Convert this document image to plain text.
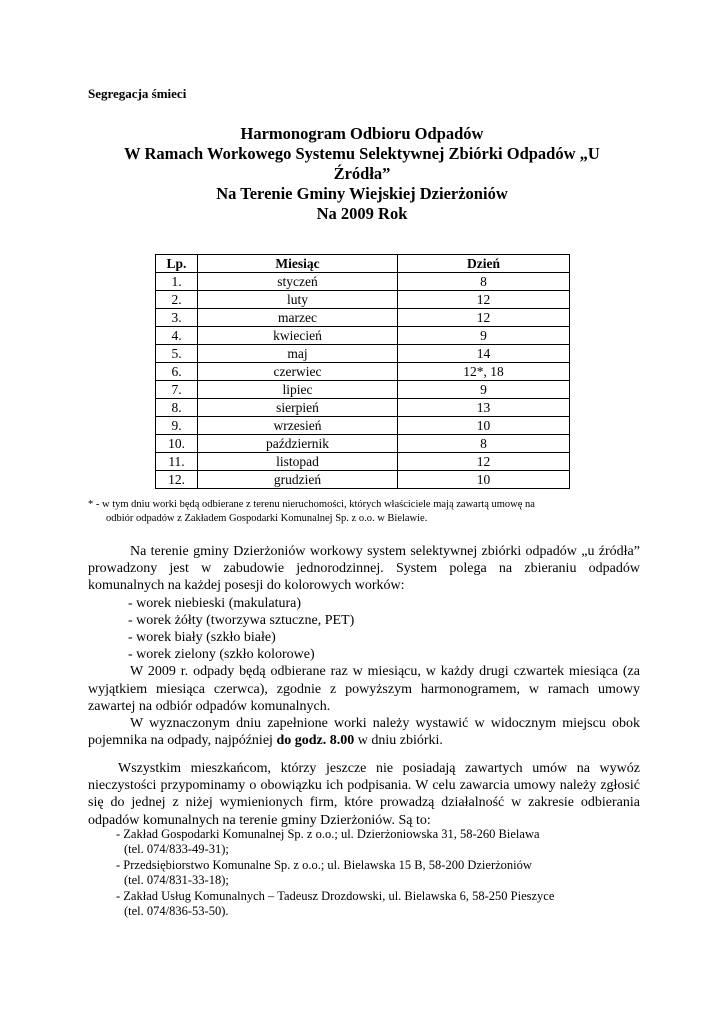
Segregacja śmieci
Harmonogram Odbioru Odpadów
W Ramach Workowego Systemu Selektywnej Zbiórki Odpadów „U
Źródła”
Na Terenie Gminy Wiejskiej Dzierżoniów
Na 2009 Rok
Lp.	Miesiąc	Dzień
1.	styczeń	8
2.	luty	12
3.	marzec	12
4.	kwiecień	9
5.	maj	14
6.	czerwiec	12*, 18
7.	lipiec	9
8.	sierpień	13
9.	wrzesień	10
10.	październik	8
11.	listopad	12
12.	grudzień	10
* - w tym dniu worki będą odbierane z terenu nieruchomości, których właściciele mają zawartą umowę na
odbiór odpadów z Zakładem Gospodarki Komunalnej Sp. z o.o. w Bielawie.
Na terenie gminy Dzierżoniów workowy system selektywnej zbiórki odpadów „u źródła” prowadzony jest w zabudowie jednorodzinnej. System polega na zbieraniu odpadów komunalnych na każdej posesji do kolorowych worków:
- worek niebieski (makulatura)
- worek żółty (tworzywa sztuczne, PET)
- worek biały (szkło białe)
- worek zielony (szkło kolorowe)
W 2009 r. odpady będą odbierane raz w miesiącu, w każdy drugi czwartek miesiąca (za wyjątkiem miesiąca czerwca), zgodnie z powyższym harmonogramem, w ramach umowy zawartej na odbiór odpadów komunalnych.
W wyznaczonym dniu zapełnione worki należy wystawić w widocznym miejscu obok pojemnika na odpady, najpóźniej do godz. 8.00 w dniu zbiórki.
Wszystkim mieszkańcom, którzy jeszcze nie posiadają zawartych umów na wywóz nieczystości przypominamy o obowiązku ich podpisania. W celu zawarcia umowy należy zgłosić się do jednej z niżej wymienionych firm, które prowadzą działalność w zakresie odbierania odpadów komunalnych na terenie gminy Dzierżoniów. Są to:
- Zakład Gospodarki Komunalnej Sp. z o.o.; ul. Dzierżoniowska 31, 58-260 Bielawa
(tel. 074/833-49-31);
- Przedsiębiorstwo Komunalne Sp. z o.o.; ul. Bielawska 15 B, 58-200 Dzierżoniów
(tel. 074/831-33-18);
- Zakład Usług Komunalnych – Tadeusz Drozdowski, ul. Bielawska 6, 58-250 Pieszyce
(tel. 074/836-53-50).
